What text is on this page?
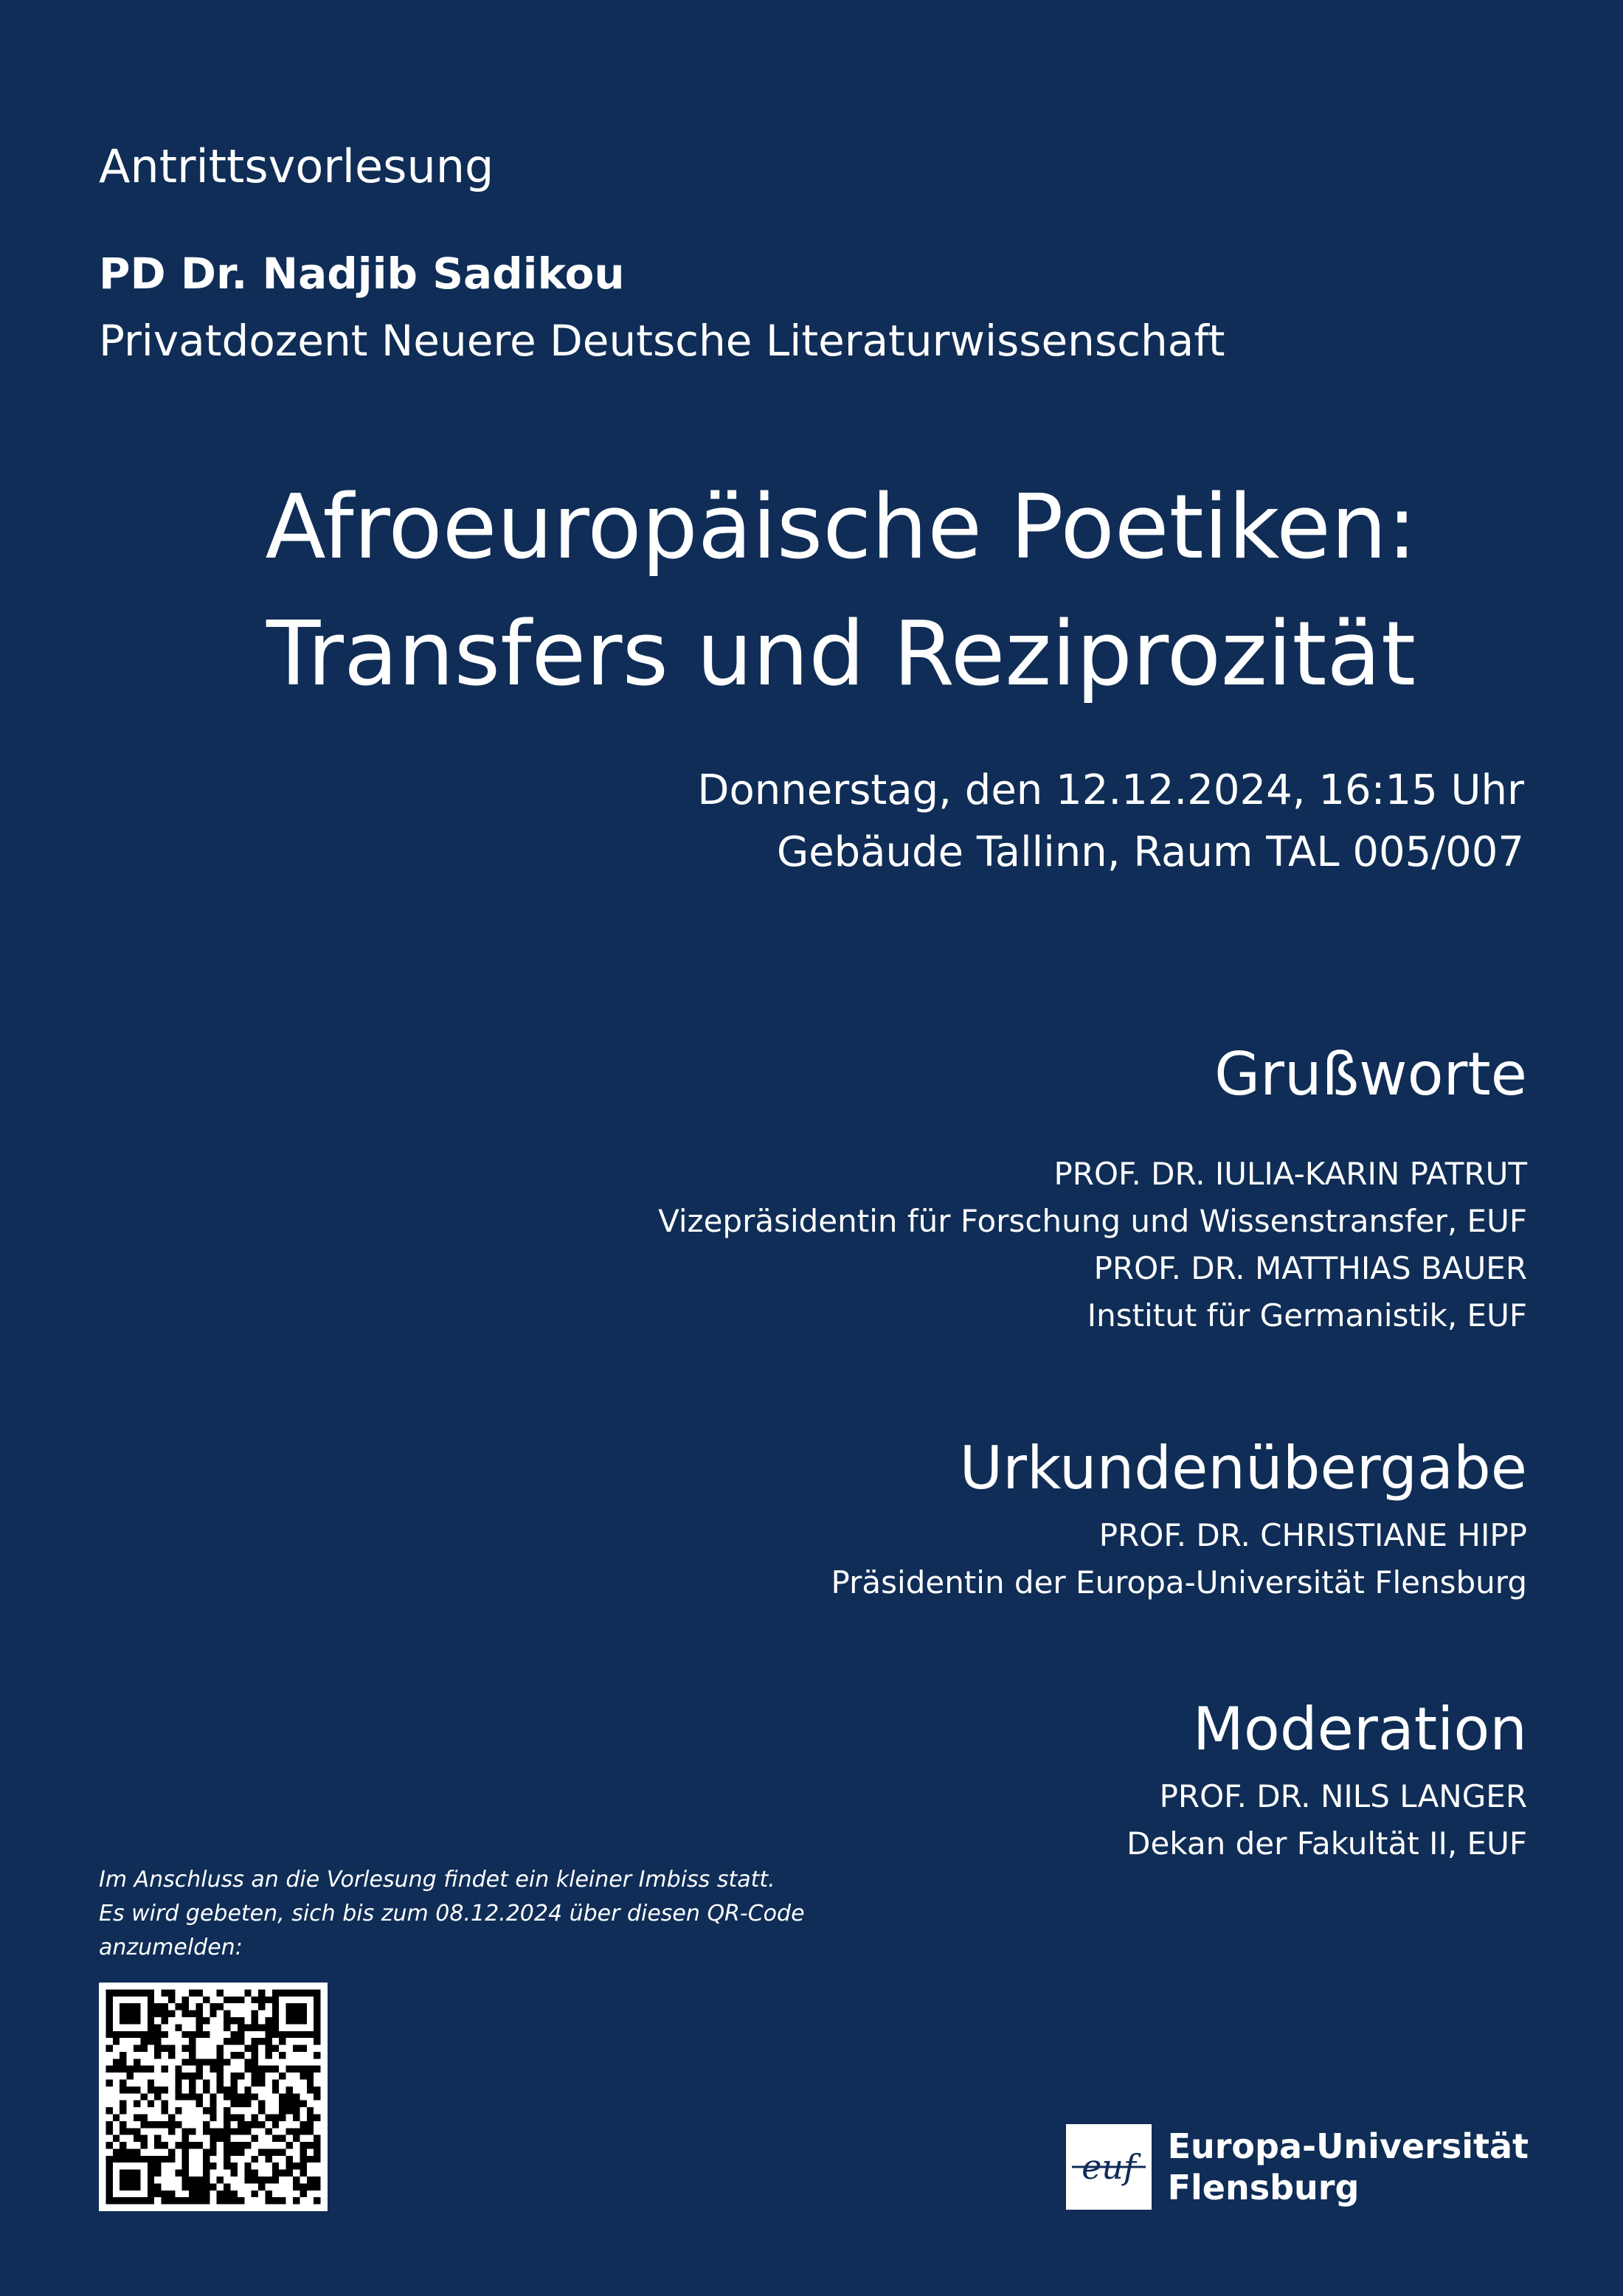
Antrittsvorlesung
PD Dr. Nadjib Sadikou
Privatdozent Neuere Deutsche Literaturwissenschaft
Afroeuropäische Poetiken:
Transfers und Reziprozität
Donnerstag, den 12.12.2024, 16:15 Uhr
Gebäude Tallinn, Raum TAL 005/007
Grußworte
PROF. DR. IULIA-KARIN PATRUT
Vizepräsidentin für Forschung und Wissenstransfer, EUF
PROF. DR. MATTHIAS BAUER
Institut für Germanistik, EUF
Urkundenübergabe
PROF. DR. CHRISTIANE HIPP
Präsidentin der Europa-Universität Flensburg
Moderation
PROF. DR. NILS LANGER
Dekan der Fakultät II, EUF
Im Anschluss an die Vorlesung findet ein kleiner Imbiss statt.
Es wird gebeten, sich bis zum 08.12.2024 über diesen QR-Code
anzumelden:
euf
Europa-Universität
Flensburg
